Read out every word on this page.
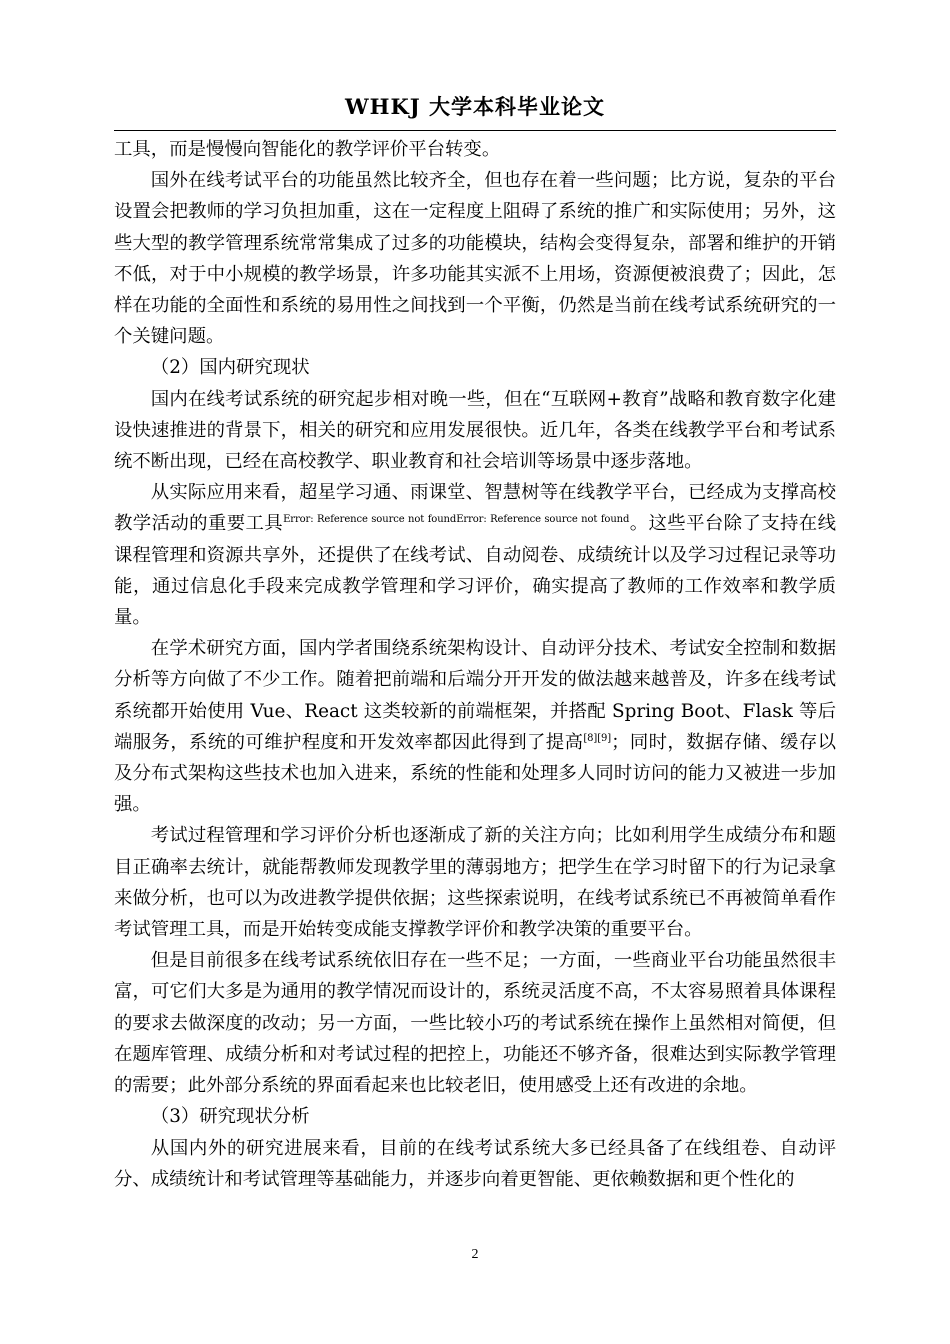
WHKJ 大学本科毕业论文

工具，而是慢慢向智能化的教学评价平台转变。

国外在线考试平台的功能虽然比较齐全，但也存在着一些问题；比方说，复杂的平台设置会把教师的学习负担加重，这在一定程度上阻碍了系统的推广和实际使用；另外，这些大型的教学管理系统常常集成了过多的功能模块，结构会变得复杂，部署和维护的开销不低，对于中小规模的教学场景，许多功能其实派不上用场，资源便被浪费了；因此，怎样在功能的全面性和系统的易用性之间找到一个平衡，仍然是当前在线考试系统研究的一个关键问题。

（2）国内研究现状

国内在线考试系统的研究起步相对晚一些，但在“互联网+教育”战略和教育数字化建设快速推进的背景下，相关的研究和应用发展很快。近几年，各类在线教学平台和考试系统不断出现，已经在高校教学、职业教育和社会培训等场景中逐步落地。

从实际应用来看，超星学习通、雨课堂、智慧树等在线教学平台，已经成为支撑高校教学活动的重要工具$^{Error: Reference source not foundError: Reference source not found}$。这些平台除了支持在线课程管理和资源共享外，还提供了在线考试、自动阅卷、成绩统计以及学习过程记录等功能，通过信息化手段来完成教学管理和学习评价，确实提高了教师的工作效率和教学质量。

在学术研究方面，国内学者围绕系统架构设计、自动评分技术、考试安全控制和数据分析等方向做了不少工作。随着把前端和后端分开开发的做法越来越普及，许多在线考试系统都开始使用 Vue、React 这类较新的前端框架，并搭配 Spring Boot、Flask 等后端服务，系统的可维护程度和开发效率都因此得到了提高[8][9]；同时，数据存储、缓存以及分布式架构这些技术也加入进来，系统的性能和处理多人同时访问的能力又被进一步加强。

考试过程管理和学习评价分析也逐渐成了新的关注方向；比如利用学生成绩分布和题目正确率去统计，就能帮教师发现教学里的薄弱地方；把学生在学习时留下的行为记录拿来做分析，也可以为改进教学提供依据；这些探索说明，在线考试系统已不再被简单看作考试管理工具，而是开始转变成能支撑教学评价和教学决策的重要平台。

但是目前很多在线考试系统依旧存在一些不足；一方面，一些商业平台功能虽然很丰富，可它们大多是为通用的教学情况而设计的，系统灵活度不高，不太容易照着具体课程的要求去做深度的改动；另一方面，一些比较小巧的考试系统在操作上虽然相对简便，但在题库管理、成绩分析和对考试过程的把控上，功能还不够齐备，很难达到实际教学管理的需要；此外部分系统的界面看起来也比较老旧，使用感受上还有改进的余地。

（3）研究现状分析

从国内外的研究进展来看，目前的在线考试系统大多已经具备了在线组卷、自动评分、成绩统计和考试管理等基础能力，并逐步向着更智能、更依赖数据和更个性化的

2
